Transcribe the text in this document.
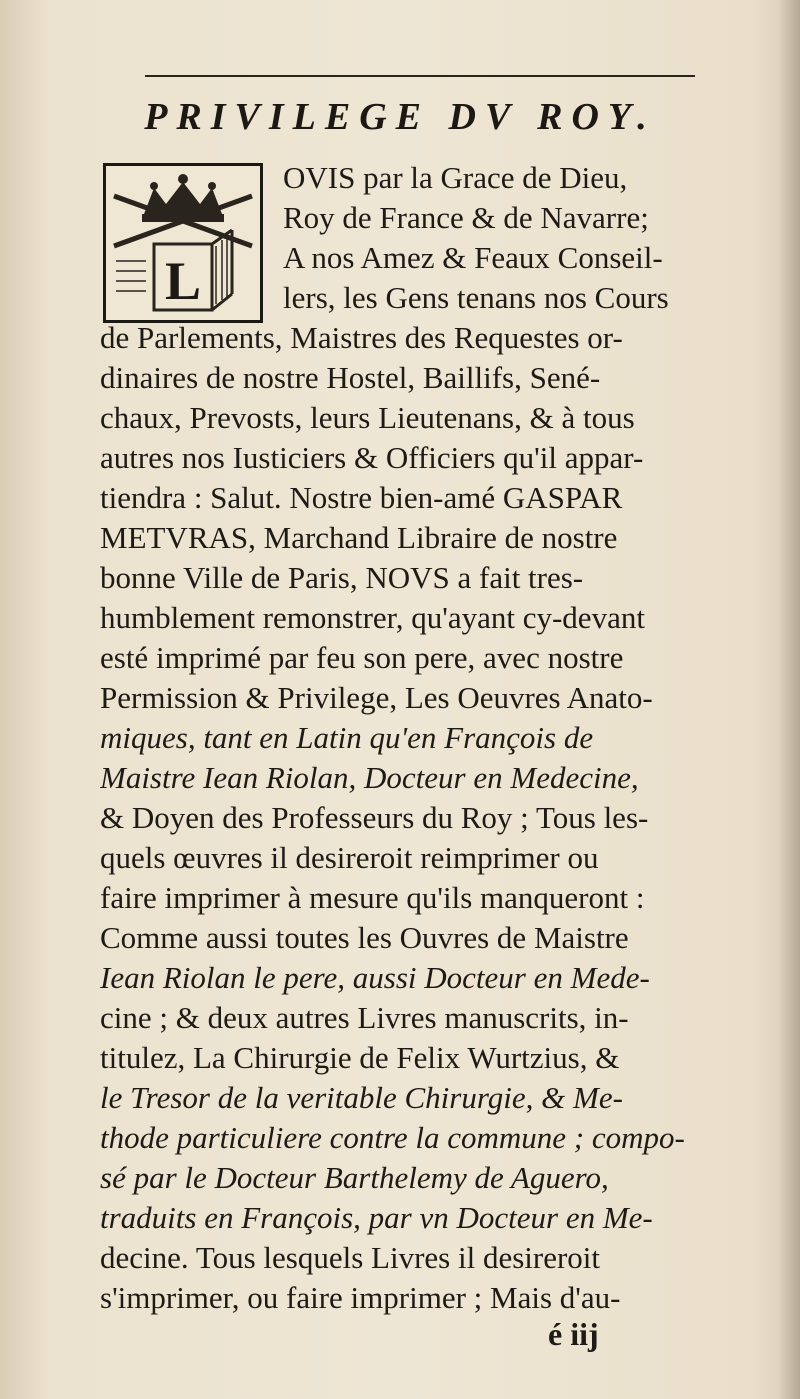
PRIVILEGE DV ROY.
L
OVIS par la Grace de Dieu,
Roy de France & de Navarre;
A nos Amez & Feaux Conseil-
lers, les Gens tenans nos Cours
de Parlements, Maistres des Requestes or-
dinaires de nostre Hostel, Baillifs, Sené-
chaux, Prevosts, leurs Lieutenans, & à tous
autres nos Iusticiers & Officiers qu'il appar-
tiendra : Salut. Nostre bien-amé GASPAR
METVRAS, Marchand Libraire de nostre
bonne Ville de Paris, NOVS a fait tres-
humblement remonstrer, qu'ayant cy-devant
esté imprimé par feu son pere, avec nostre
Permission & Privilege, Les Oeuvres Anato-
miques, tant en Latin qu'en François de
Maistre Iean Riolan, Docteur en Medecine,
& Doyen des Professeurs du Roy ; Tous les-
quels œuvres il desireroit reimprimer ou
faire imprimer à mesure qu'ils manqueront :
Comme aussi toutes les Ouvres de Maistre
Iean Riolan le pere, aussi Docteur en Mede-
cine ; & deux autres Livres manuscrits, in-
titulez, La Chirurgie de Felix Wurtzius, &
le Tresor de la veritable Chirurgie, & Me-
thode particuliere contre la commune ; compo-
sé par le Docteur Barthelemy de Aguero,
traduits en François, par vn Docteur en Me-
decine. Tous lesquels Livres il desireroit
s'imprimer, ou faire imprimer ; Mais d'au-
é iij
